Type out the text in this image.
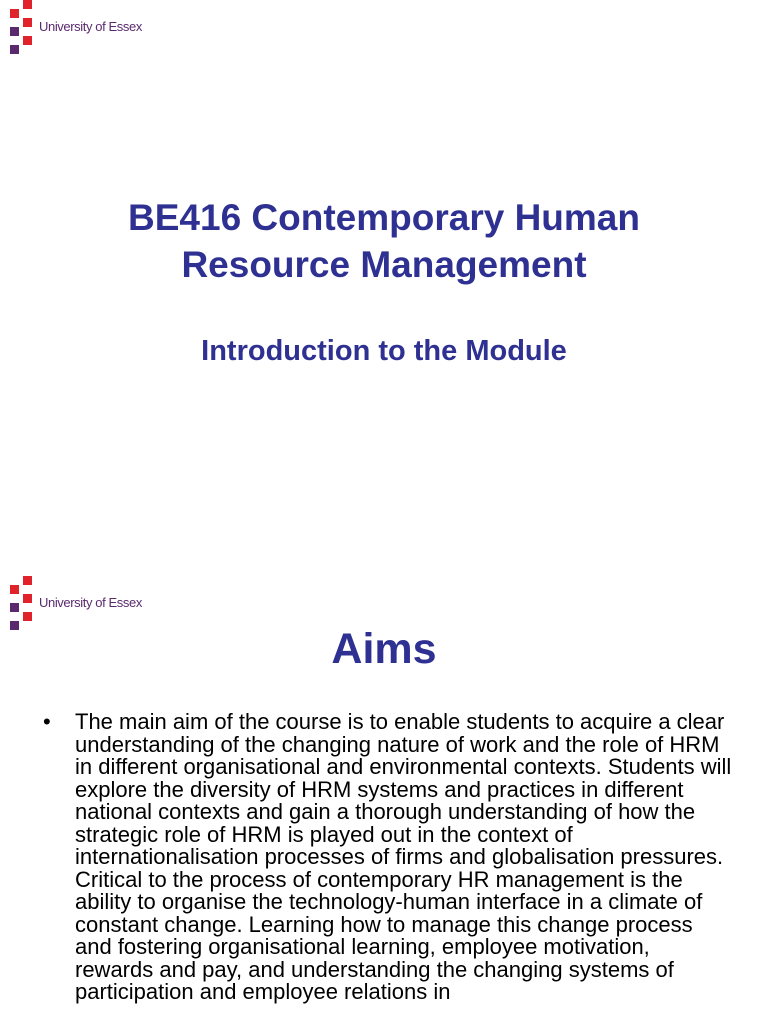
University of Essex
BE416 Contemporary Human Resource Management
Introduction to the Module
University of Essex
Aims
• The main aim of the course is to enable students to acquire a clear understanding of the changing nature of work and the role of HRM in different organisational and environmental contexts. Students will explore the diversity of HRM systems and practices in different national contexts and gain a thorough understanding of how the strategic role of HRM is played out in the context of internationalisation processes of firms and globalisation pressures. Critical to the process of contemporary HR management is the ability to organise the technology-human interface in a climate of constant change. Learning how to manage this change process and fostering organisational learning, employee motivation, rewards and pay, and understanding the changing systems of participation and employee relations in
